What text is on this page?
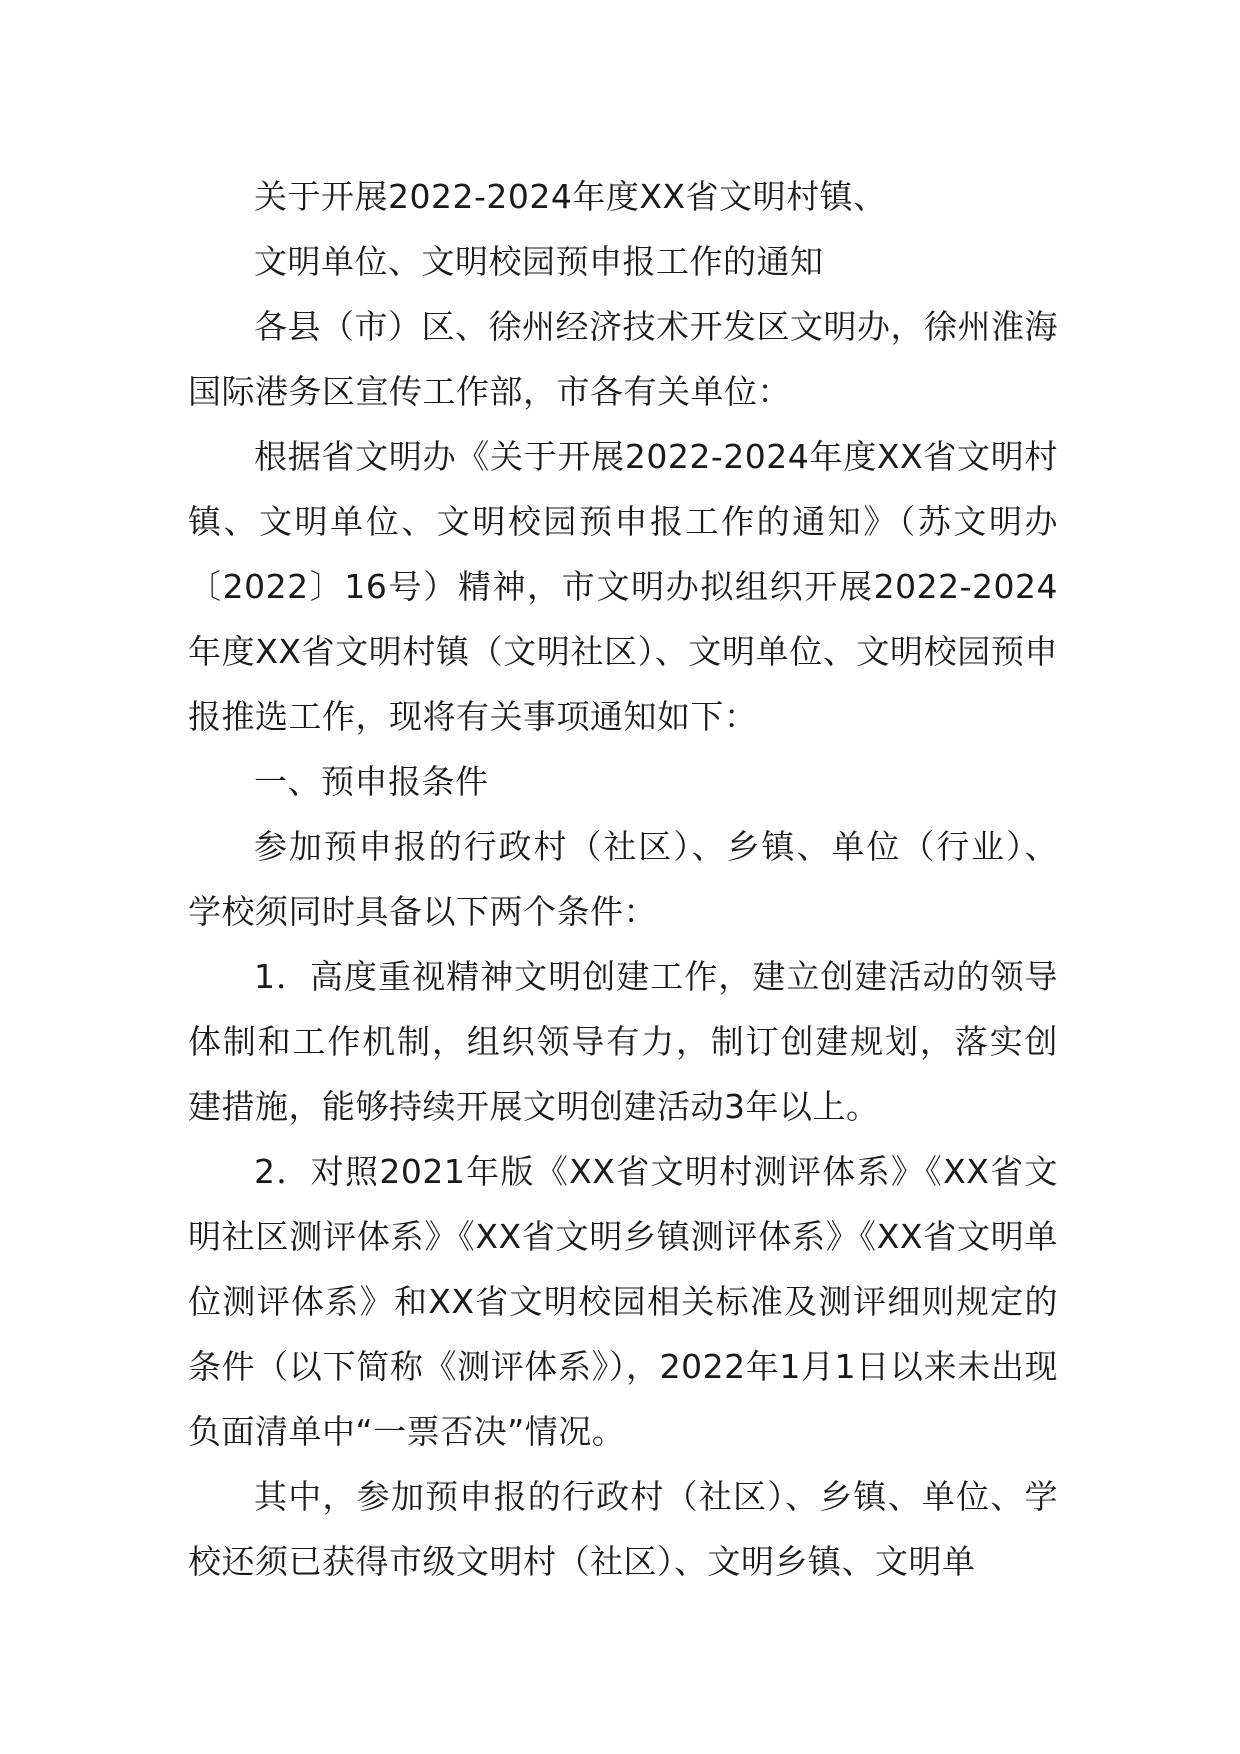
关于开展2022-2024年度XX省文明村镇、

文明单位、文明校园预申报工作的通知

各县（市）区、徐州经济技术开发区文明办，徐州淮海国际港务区宣传工作部，市各有关单位：

根据省文明办《关于开展2022-2024年度XX省文明村镇、文明单位、文明校园预申报工作的通知》（苏文明办〔2022〕16号）精神，市文明办拟组织开展2022-2024年度XX省文明村镇（文明社区）、文明单位、文明校园预申报推选工作，现将有关事项通知如下：

一、预申报条件

参加预申报的行政村（社区）、乡镇、单位（行业）、学校须同时具备以下两个条件：

1．高度重视精神文明创建工作，建立创建活动的领导体制和工作机制，组织领导有力，制订创建规划，落实创建措施，能够持续开展文明创建活动3年以上。

2．对照2021年版《XX省文明村测评体系》《XX省文明社区测评体系》《XX省文明乡镇测评体系》《XX省文明单位测评体系》和XX省文明校园相关标准及测评细则规定的条件（以下简称《测评体系》），2022年1月1日以来未出现负面清单中“一票否决”情况。

其中，参加预申报的行政村（社区）、乡镇、单位、学校还须已获得市级文明村（社区）、文明乡镇、文明单
